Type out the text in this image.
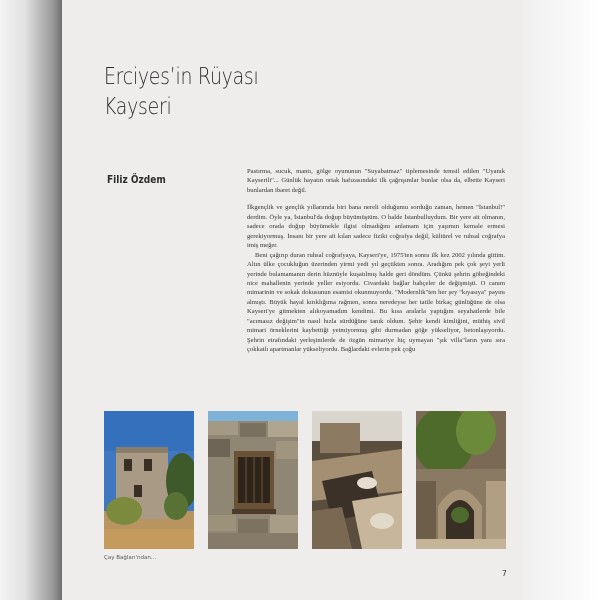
Erciyes’in Rüyası
Kayseri
Filiz Özdem

Pastırma, sucuk, mantı, gölge oyununun "Suyabatmaz" tiplemesinde temsil edilen "Uyanık Kayserili"... Günlük hayatın ortak hafızasındaki ilk çağrışımlar bunlar olsa da, elbette Kayseri bunlardan ibaret değil.

İlkgençlik ve gençlik yıllarımda biri bana nereli olduğumu sorduğu zaman, hemen "İstanbul!" derdim. Öyle ya, İstanbul'da doğup büyümüştüm. O halde İstanbulluydum. Bir yere ait olmanın, sadece orada doğup büyümekle ilgisi olmadığını anlamam için yaşımın kemale ermesi gerekiyormuş. İnsanı bir yere ait kılan sadece fiziki coğrafya değil, kültürel ve ruhsal coğrafya imiş meğer.

Beni çağırıp duran ruhsal coğrafyaya, Kayseri'ye, 1975'ten sonra ilk kez 2002 yılında gittim. Altın ülke çocukluğun üzerinden yirmi yedi yıl geçtikten sonra. Aradığım pek çok şeyi yerli yerinde bulamamanın derin hüznüyle kuşatılmış halde geri döndüm. Çünkü şehrin göbeğindeki nice mahallenin yerinde yeller esiyordu. Civardaki bağlar bahçeler de değişmişti. O canım mimarinin ve sokak dokusunun esamisi okunmuyordu. "Modernlik"ten her şey "kıyasıya" payını almıştı. Büyük hayal kırıklığıma rağmen, sonra neredeyse her tatile birkaç günlüğüne de olsa Kayseri'ye gitmekten alıkoyamadım kendimi. Bu kısa aralarla yaptığım seyahatlerde bile "acımasız değişim"in nasıl hızla sürdüğüne tanık oldum. Şehir kendi kimliğini, müthiş sivil mimari örneklerini kaybettiği yetmiyormuş gibi durmadan göğe yükseliyor, betonlaşıyordu. Şehrin etrafındaki yerleşimlerde de özgün mimariye hiç uymayan "şık villa"ların yanı sıra çokkatlı apartmanlar yükseliyordu. Bağlardaki evlerin pek çoğu

Çay Bağları'ndan...
7
